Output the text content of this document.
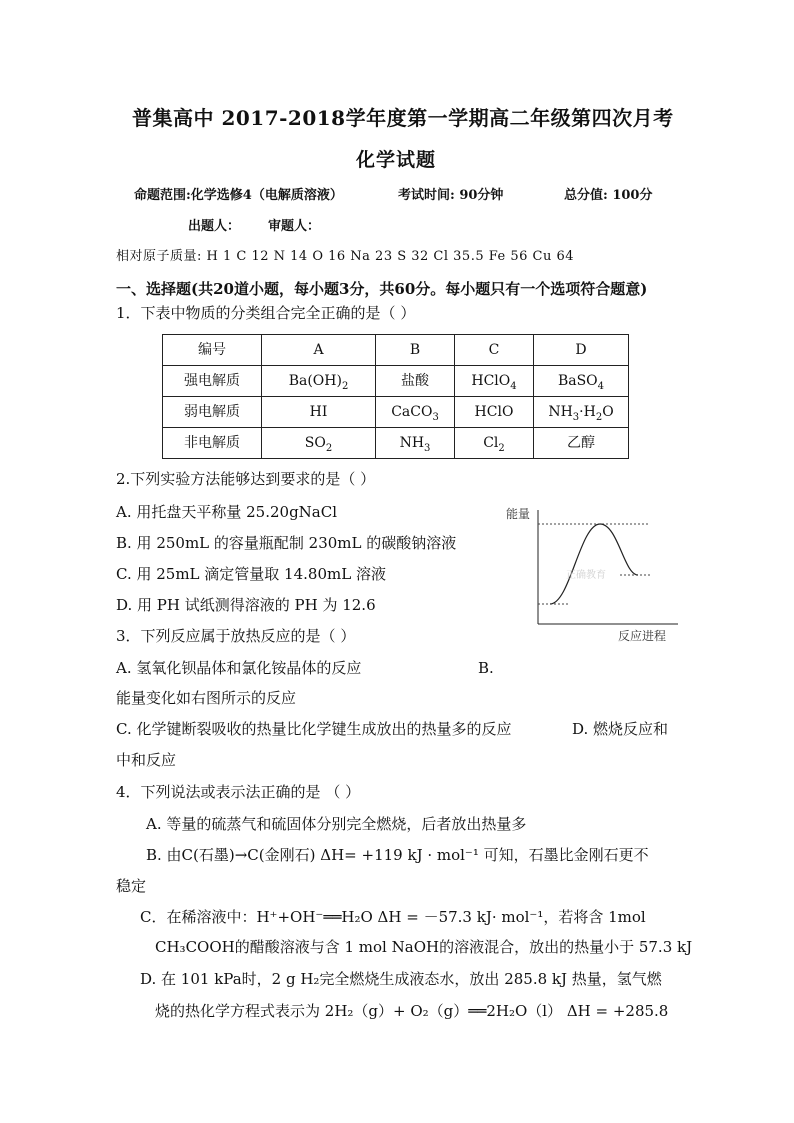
普集高中 2017-2018学年度第一学期高二年级第四次月考
化学试题
命题范围:化学选修4（电解质溶液）	考试时间: 90分钟	总分值: 100分
出题人： 审题人：
相对原子质量: H 1 C 12 N 14 O 16 Na 23 S 32 Cl 35.5 Fe 56 Cu 64
一、选择题(共20道小题，每小题3分，共60分。每小题只有一个选项符合题意)
1．下表中物质的分类组合完全正确的是（ ）
编号	A	B	C	D
强电解质	$Ba(OH)_2$	盐酸	HClO$_4$	BaSO$_4$
弱电解质	HI	CaCO$_3$	HClO	$NH_3\cdot H_2O$
非电解质	$SO_2$	$NH_3$	$Cl_2$	乙醇
2.下列实验方法能够达到要求的是（ ）
A. 用托盘天平称量 25.20gNaCl
B. 用 250mL 的容量瓶配制 230mL 的碳酸钠溶液
C. 用 25mL 滴定管量取 14.80mL 溶液
D. 用 PH 试纸测得溶液的 PH 为 12.6
能量
正确教育
反应进程
3．下列反应属于放热反应的是（ ）
A. 氢氧化钡晶体和氯化铵晶体的反应	B.
能量变化如右图所示的反应
C. 化学键断裂吸收的热量比化学键生成放出的热量多的反应	D. 燃烧反应和
中和反应
4．下列说法或表示法正确的是 （ ）
A. 等量的硫蒸气和硫固体分别完全燃烧，后者放出热量多
B. 由C(石墨)→C(金刚石) ΔH= +119 kJ · mol⁻¹ 可知，石墨比金刚石更不
稳定
C．在稀溶液中：H⁺+OH⁻══H₂O ΔH = －57.3 kJ· mol⁻¹，若将含 1mol
CH₃COOH的醋酸溶液与含 1 mol NaOH的溶液混合，放出的热量小于 57.3 kJ
D. 在 101 kPa时，2 g H₂完全燃烧生成液态水，放出 285.8 kJ 热量，氢气燃
烧的热化学方程式表示为 2H₂（g）+ O₂（g）══2H₂O（l） ΔH = +285.8
